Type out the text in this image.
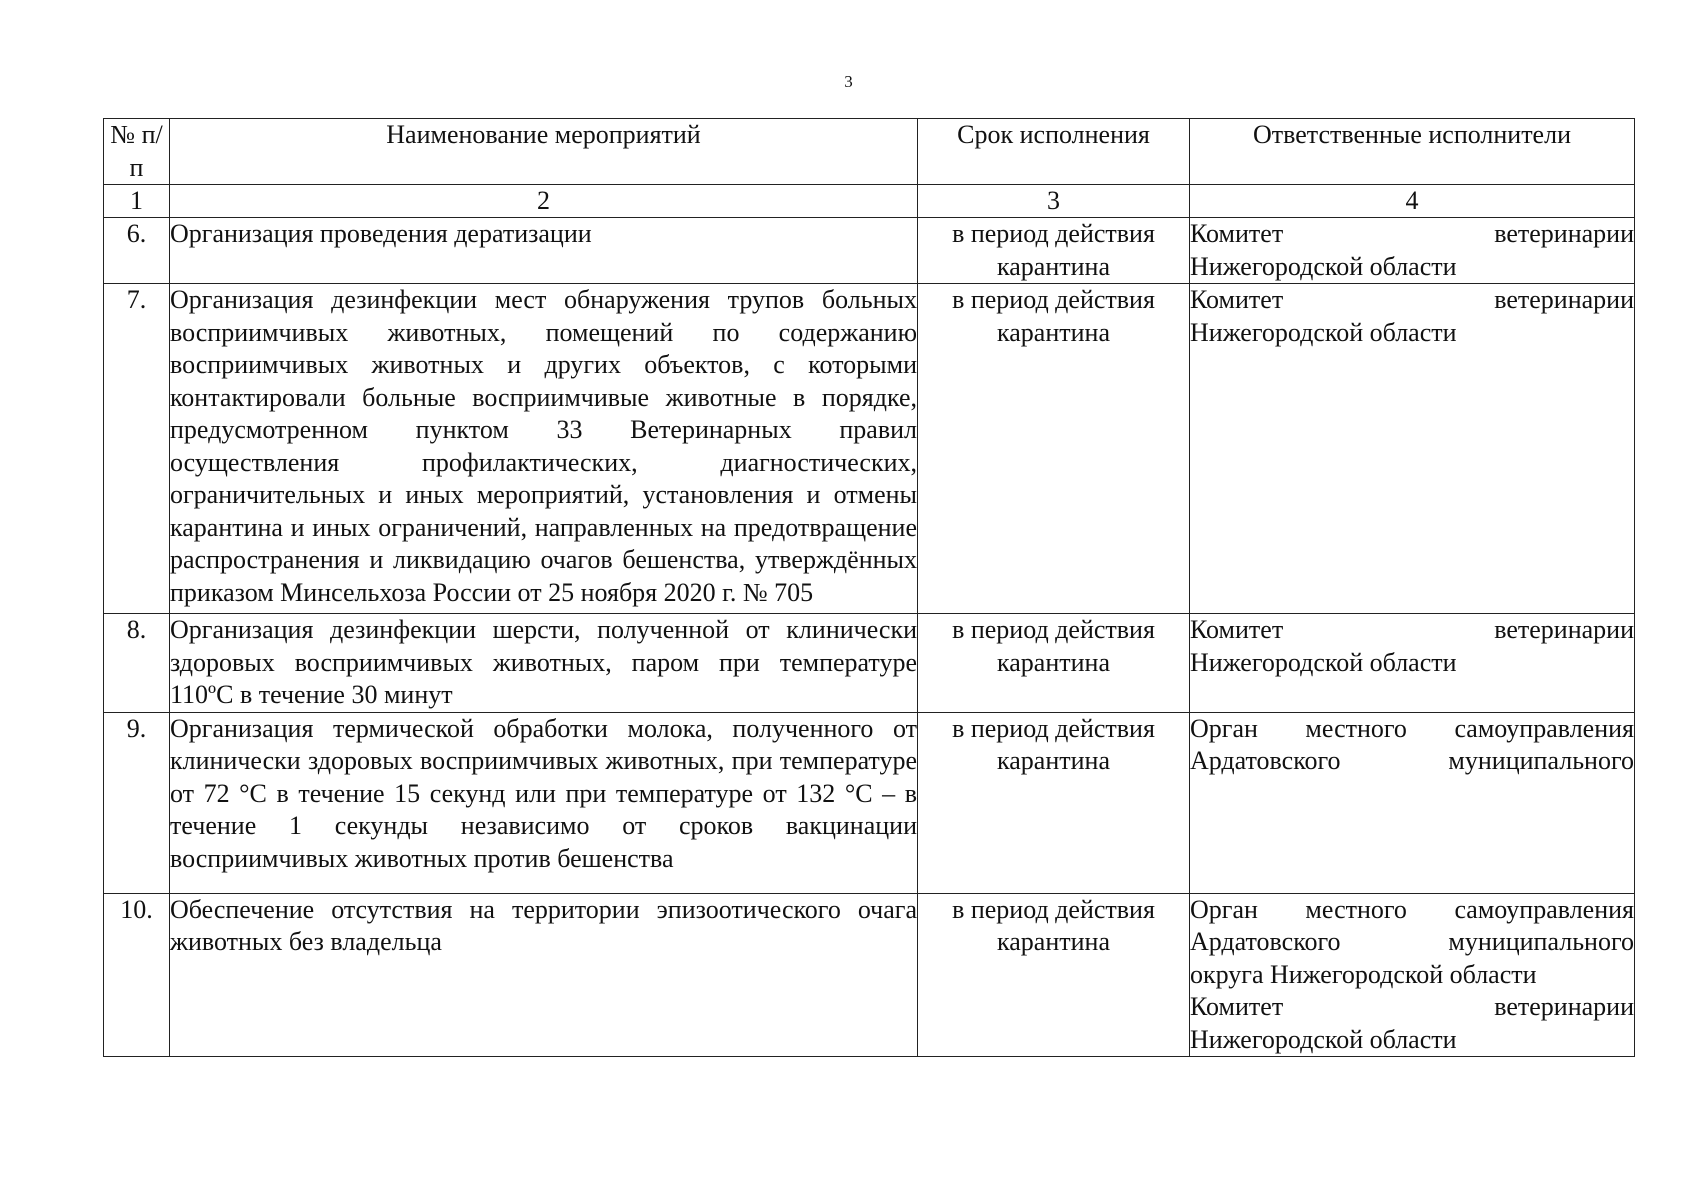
3
№ п/п	Наименование мероприятий	Срок исполнения	Ответственные исполнители
1	2	3	4
6.	Организация проведения дератизации	в период действия карантина	Комитет ветеринарии
Нижегородской области

7.	Организация дезинфекции мест обнаружения трупов больных восприимчивых животных, помещений по содержанию восприимчивых животных и других объектов, с которыми контактировали больные восприимчивые животные в порядке, предусмотренном пунктом 33 Ветеринарных правил осуществления профилактических, диагностических, ограничительных и иных мероприятий, установления и отмены карантина и иных ограничений, направленных на предотвращение распространения и ликвидацию очагов бешенства, утверждённых приказом Минсельхоза России от 25 ноября 2020 г. № 705	в период действия карантина	Комитет ветеринарии
Нижегородской области

8.	Организация дезинфекции шерсти, полученной от клинически здоровых восприимчивых животных, паром при температуре 110ºС в течение 30 минут	в период действия карантина	Комитет ветеринарии
Нижегородской области

9.	Организация термической обработки молока, полученного от клинически здоровых восприимчивых животных, при температуре от 72 °С в течение 15 секунд или при температуре от 132 °С – в течение 1 секунды независимо от сроков вакцинации восприимчивых животных против бешенства	в период действия карантина	Орган местного самоуправления
Ардатовского муниципального

10.	Обеспечение отсутствия на территории эпизоотического очага животных без владельца	в период действия карантина	Орган местного самоуправления
Ардатовского муниципального
округа Нижегородской области
Комитет ветеринарии
Нижегородской области
